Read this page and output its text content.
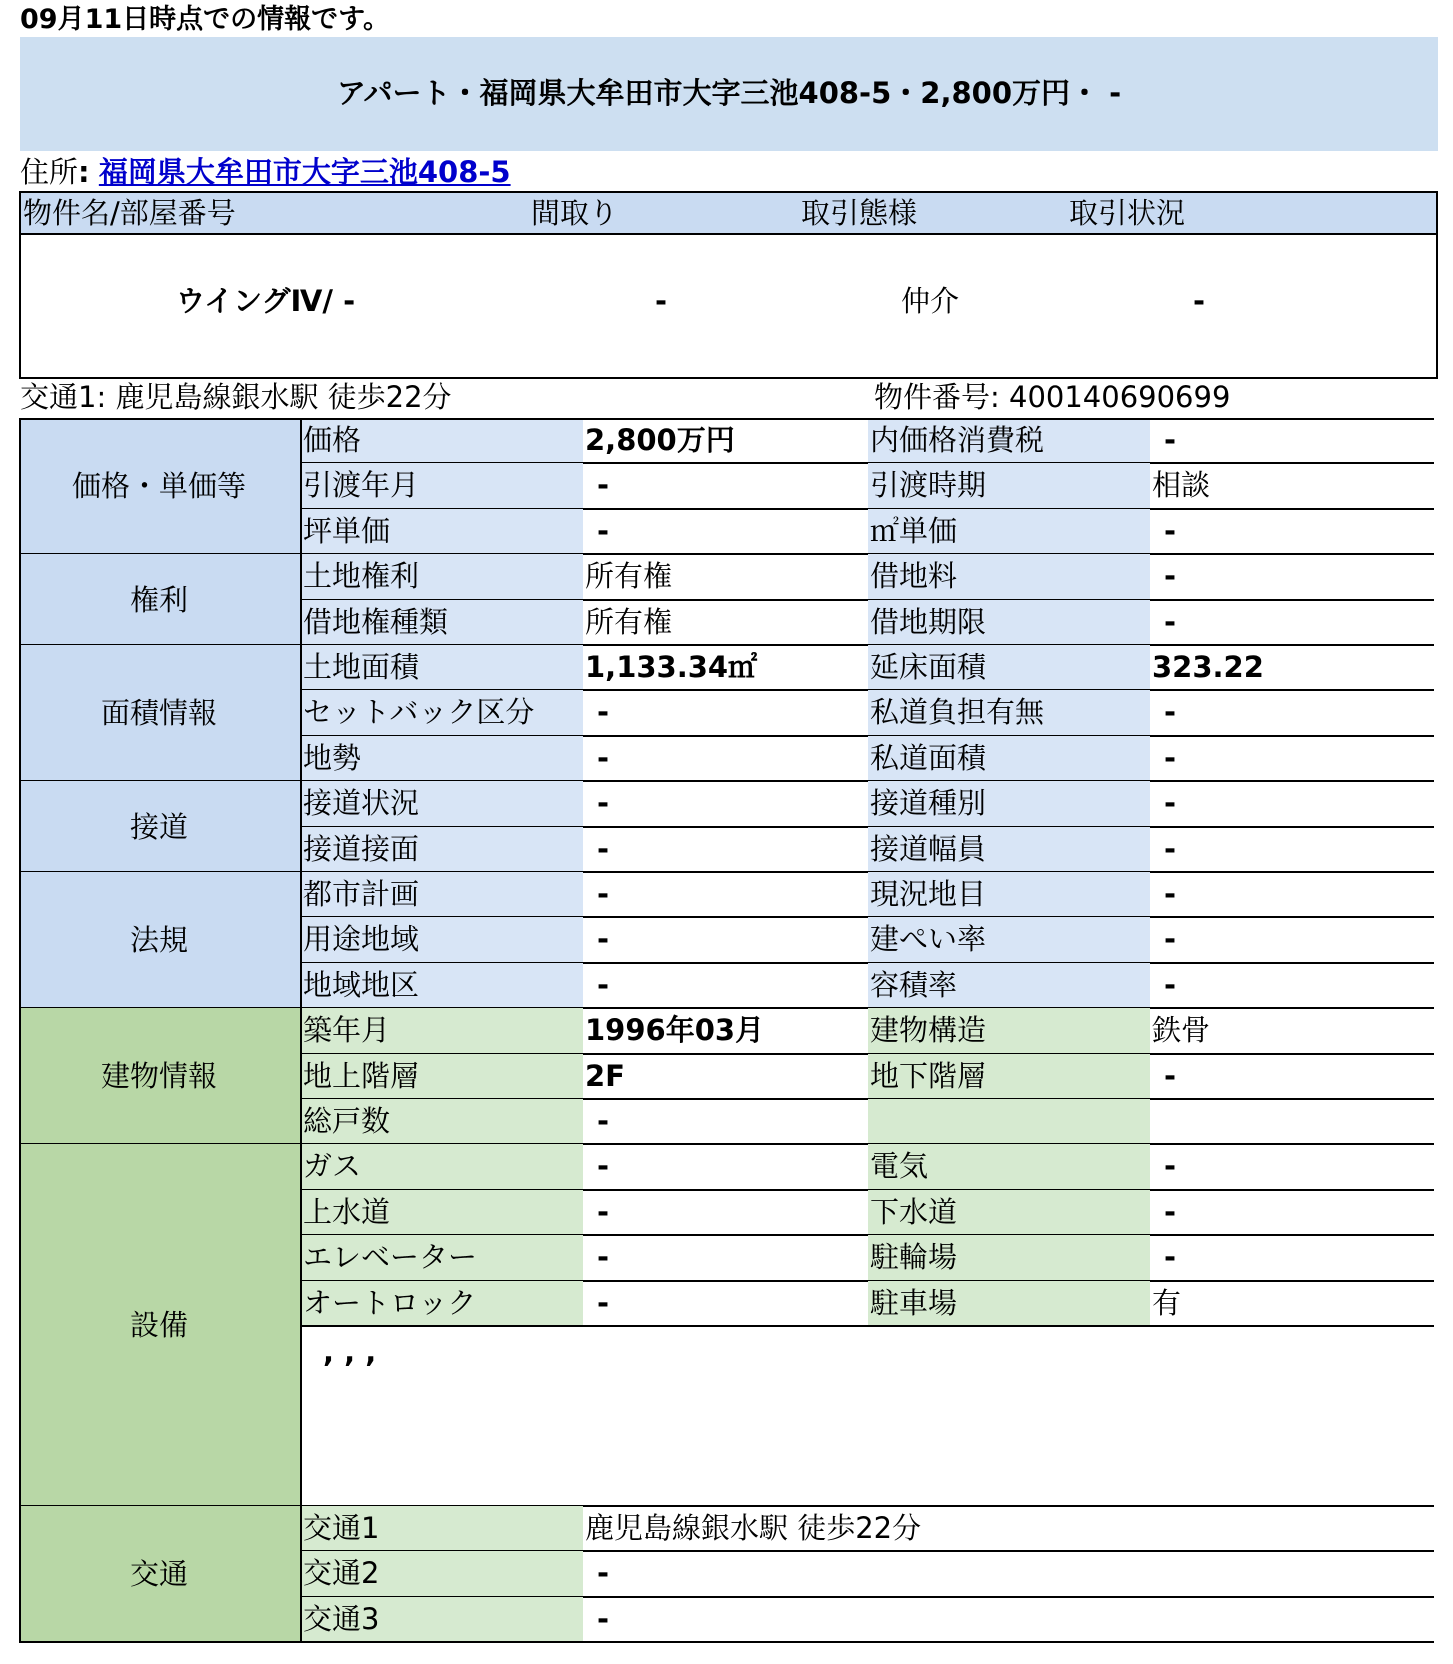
09月11日時点での情報です。
アパート・福岡県大牟田市大字三池408-5・2,800万円・ -
住所: 福岡県大牟田市大字三池408-5
物件名/部屋番号	間取り	取引態様	取引状況
ウイングⅣ/ -	-	仲介	-
交通1: 鹿児島線銀水駅 徒歩22分	物件番号: 400140690699
価格・単価等
価格	2,800万円	内価格消費税	-
引渡年月	-	引渡時期	相談
坪単価	-	㎡単価	-
権利
土地権利	所有権	借地料	-
借地権種類	所有権	借地期限	-
面積情報
土地面積	1,133.34㎡	延床面積	323.22
セットバック区分 -	私道負担有無	-
地勢	-	私道面積	-
接道
接道状況	-	接道種別	-
接道接面	-	接道幅員	-
法規
都市計画	-	現況地目	-
用途地域	-	建ぺい率	-
地域地区	-	容積率	-
建物情報
築年月	1996年03月	建物構造	鉄骨
地上階層	2F	地下階層	-
総戸数	-
設備
ガス	-	電気	-
上水道	-	下水道	-
エレベーター	-	駐輪場	-
オートロック	-	駐車場	有
, , ,
交通
交通1	鹿児島線銀水駅 徒歩22分
交通2	-
交通3	-
